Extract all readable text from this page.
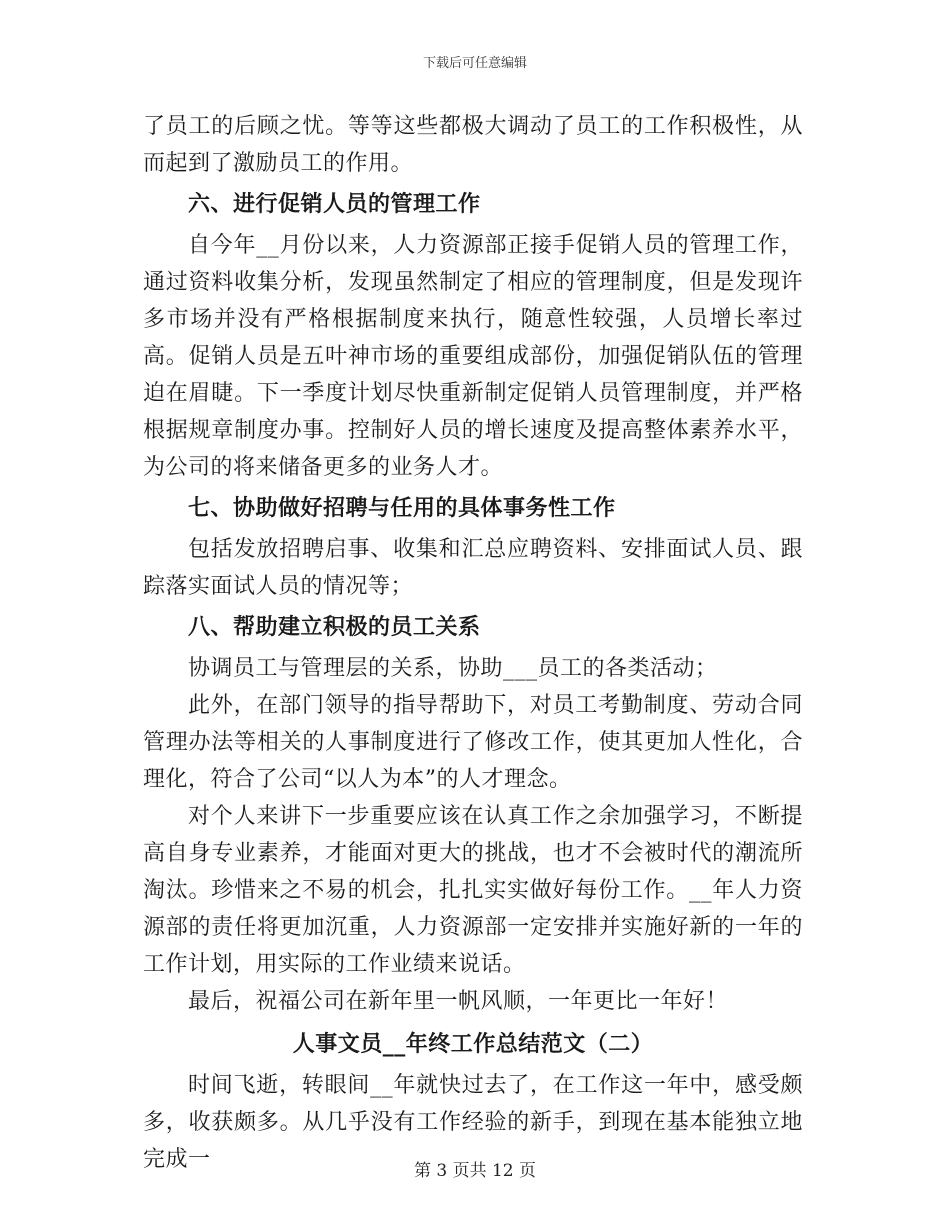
下载后可任意编辑

了员工的后顾之忧。等等这些都极大调动了员工的工作积极性，从而起到了激励员工的作用。

六、进行促销人员的管理工作

自今年__月份以来，人力资源部正接手促销人员的管理工作，通过资料收集分析，发现虽然制定了相应的管理制度，但是发现许多市场并没有严格根据制度来执行，随意性较强，人员增长率过高。促销人员是五叶神市场的重要组成部份，加强促销队伍的管理迫在眉睫。下一季度计划尽快重新制定促销人员管理制度，并严格根据规章制度办事。控制好人员的增长速度及提高整体素养水平，为公司的将来储备更多的业务人才。

七、协助做好招聘与任用的具体事务性工作

包括发放招聘启事、收集和汇总应聘资料、安排面试人员、跟踪落实面试人员的情况等；

八、帮助建立积极的员工关系

协调员工与管理层的关系，协助___员工的各类活动；

此外，在部门领导的指导帮助下，对员工考勤制度、劳动合同管理办法等相关的人事制度进行了修改工作，使其更加人性化，合理化，符合了公司“以人为本”的人才理念。

对个人来讲下一步重要应该在认真工作之余加强学习，不断提高自身专业素养，才能面对更大的挑战，也才不会被时代的潮流所淘汰。珍惜来之不易的机会，扎扎实实做好每份工作。__年人力资源部的责任将更加沉重，人力资源部一定安排并实施好新的一年的工作计划，用实际的工作业绩来说话。

最后，祝福公司在新年里一帆风顺，一年更比一年好！

人事文员__年终工作总结范文（二）

时间飞逝，转眼间__年就快过去了，在工作这一年中，感受颇多，收获颇多。从几乎没有工作经验的新手，到现在基本能独立地完成一	第 3 页共 12 页
